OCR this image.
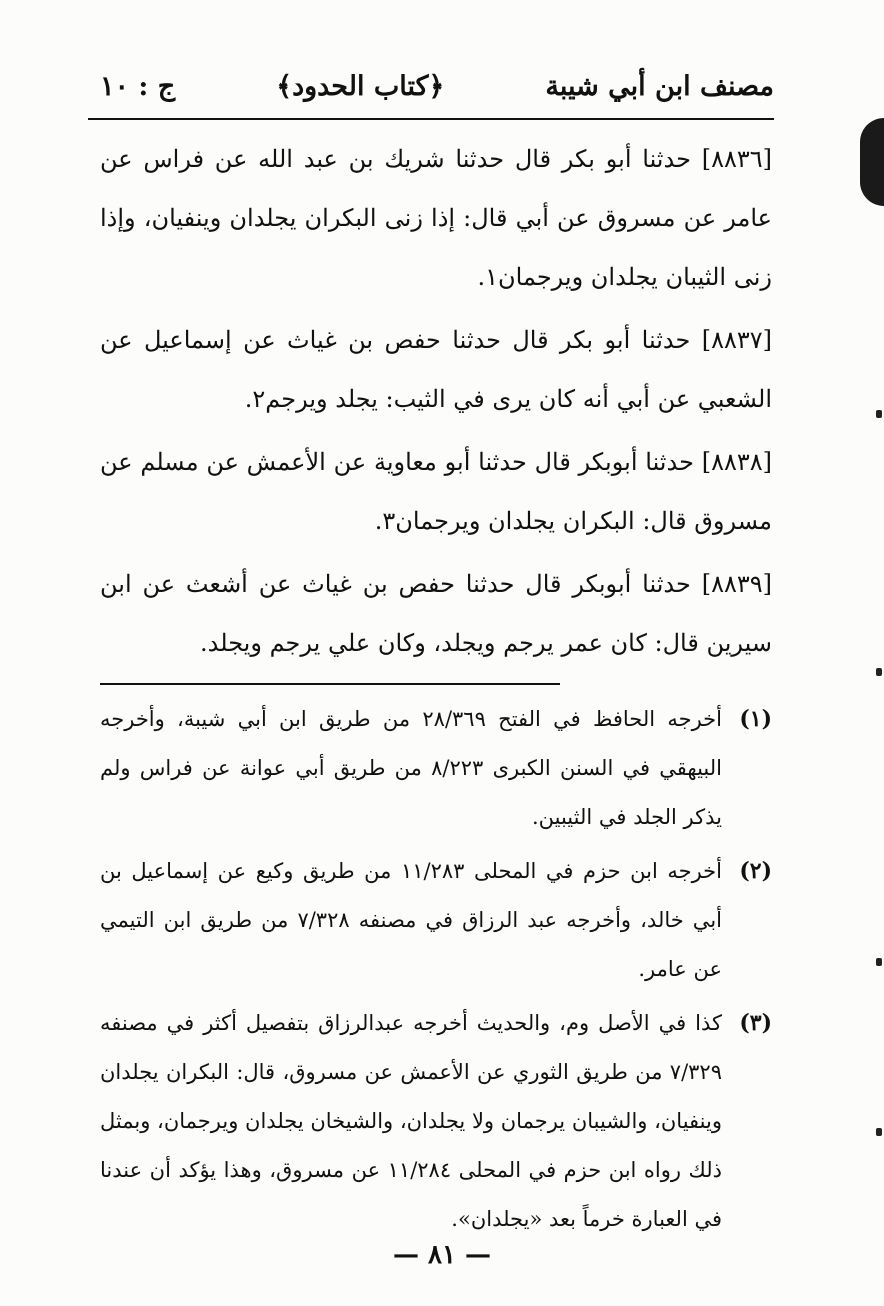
مصنف ابن أبي شيبة
﴿كتاب الحدود﴾
ج : ١٠

[٨٨٣٦] حدثنا أبو بكر قال حدثنا شريك بن عبد الله عن فراس عن عامر عن مسروق عن أبي قال: إذا زنى البكران يجلدان وينفيان، وإذا زنى الثيبان يجلدان ويرجمان١.

[٨٨٣٧] حدثنا أبو بكر قال حدثنا حفص بن غياث عن إسماعيل عن الشعبي عن أبي أنه كان يرى في الثيب: يجلد ويرجم٢.

[٨٨٣٨] حدثنا أبوبكر قال حدثنا أبو معاوية عن الأعمش عن مسلم عن مسروق قال: البكران يجلدان ويرجمان٣.

[٨٨٣٩] حدثنا أبوبكر قال حدثنا حفص بن غياث عن أشعث عن ابن سيرين قال: كان عمر يرجم ويجلد، وكان علي يرجم ويجلد.

(١)
أخرجه الحافظ في الفتح ٢٨/٣٦٩ من طريق ابن أبي شيبة، وأخرجه البيهقي في السنن الكبرى ٨/٢٢٣ من طريق أبي عوانة عن فراس ولم يذكر الجلد في الثيبين.
(٢)
أخرجه ابن حزم في المحلى ١١/٢٨٣ من طريق وكيع عن إسماعيل بن أبي خالد، وأخرجه عبد الرزاق في مصنفه ٧/٣٢٨ من طريق ابن التيمي عن عامر.
(٣)
كذا في الأصل وم، والحديث أخرجه عبدالرزاق بتفصيل أكثر في مصنفه ٧/٣٢٩ من طريق الثوري عن الأعمش عن مسروق، قال: البكران يجلدان وينفيان، والشيبان يرجمان ولا يجلدان، والشيخان يجلدان ويرجمان، وبمثل ذلك رواه ابن حزم في المحلى ١١/٢٨٤ عن مسروق، وهذا يؤكد أن عندنا في العبارة خرماً بعد «يجلدان».
— ٨١ —
